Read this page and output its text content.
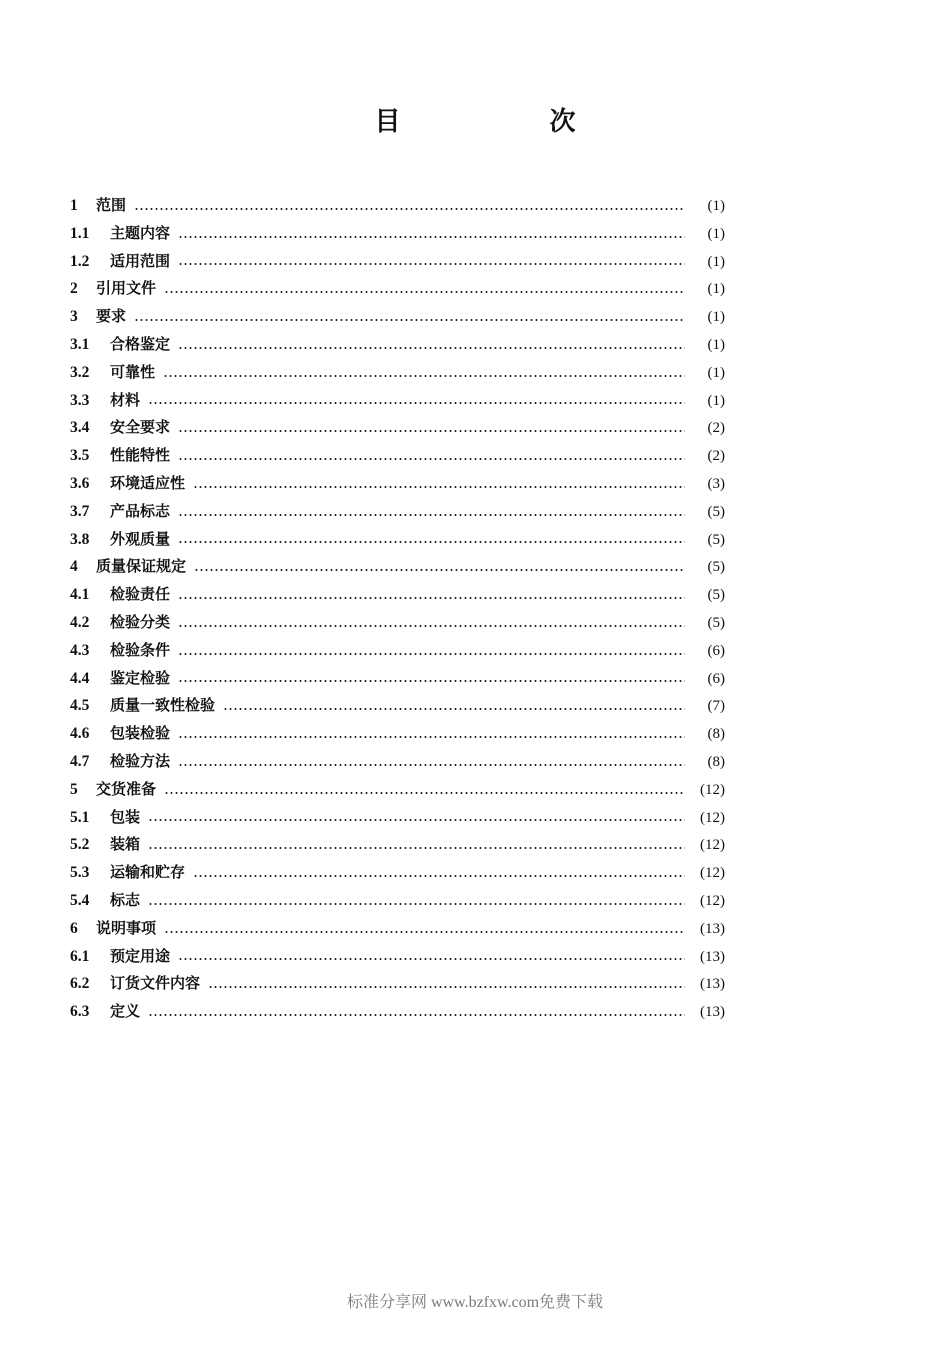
目 次
1	范围	(1)
1.1	主题内容	(1)
1.2	适用范围	(1)
2	引用文件	(1)
3	要求	(1)
3.1	合格鉴定	(1)
3.2	可靠性	(1)
3.3	材料	(1)
3.4	安全要求	(2)
3.5	性能特性	(2)
3.6	环境适应性	(3)
3.7	产品标志	(5)
3.8	外观质量	(5)
4	质量保证规定	(5)
4.1	检验责任	(5)
4.2	检验分类	(5)
4.3	检验条件	(6)
4.4	鉴定检验	(6)
4.5	质量一致性检验	(7)
4.6	包装检验	(8)
4.7	检验方法	(8)
5	交货准备	(12)
5.1	包装	(12)
5.2	装箱	(12)
5.3	运输和贮存	(12)
5.4	标志	(12)
6	说明事项	(13)
6.1	预定用途	(13)
6.2	订货文件内容	(13)
6.3	定义	(13)
标准分享网 www.bzfxw.com免费下载
